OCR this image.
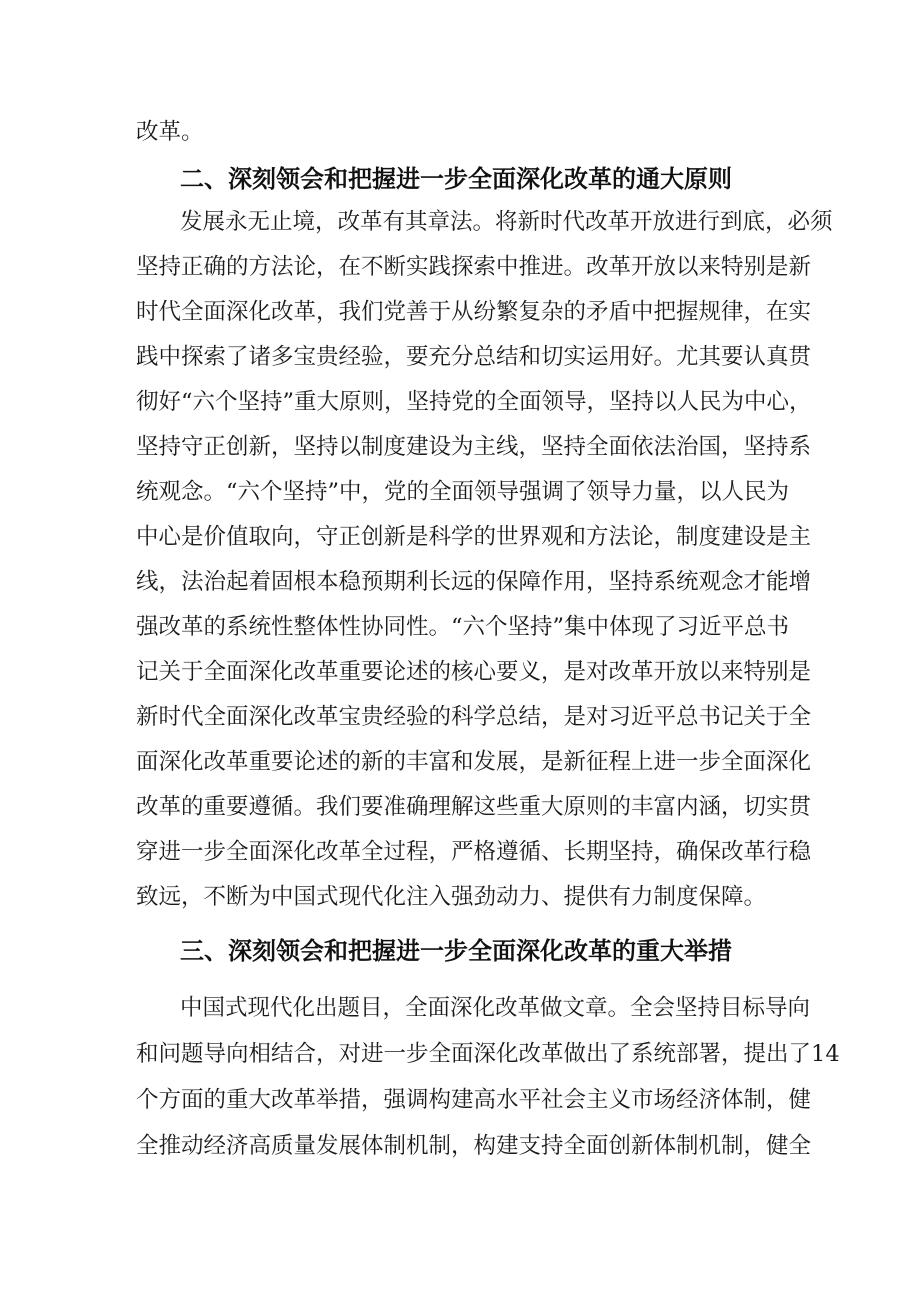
改革。
二、深刻领会和把握进一步全面深化改革的通大原则
发展永无止境，改革有其章法。将新时代改革开放进行到底，必须
坚持正确的方法论，在不断实践探索中推进。改革开放以来特别是新
时代全面深化改革，我们党善于从纷繁复杂的矛盾中把握规律，在实
践中探索了诸多宝贵经验，要充分总结和切实运用好。尤其要认真贯
彻好“六个坚持”重大原则，坚持党的全面领导，坚持以人民为中心，
坚持守正创新，坚持以制度建设为主线，坚持全面依法治国，坚持系
统观念。“六个坚持”中，党的全面领导强调了领导力量，以人民为
中心是价值取向，守正创新是科学的世界观和方法论，制度建设是主
线，法治起着固根本稳预期利长远的保障作用，坚持系统观念才能增
强改革的系统性整体性协同性。“六个坚持”集中体现了习近平总书
记关于全面深化改革重要论述的核心要义，是对改革开放以来特别是
新时代全面深化改革宝贵经验的科学总结，是对习近平总书记关于全
面深化改革重要论述的新的丰富和发展，是新征程上进一步全面深化
改革的重要遵循。我们要准确理解这些重大原则的丰富内涵，切实贯
穿进一步全面深化改革全过程，严格遵循、长期坚持，确保改革行稳
致远，不断为中国式现代化注入强劲动力、提供有力制度保障。
三、深刻领会和把握进一步全面深化改革的重大举措
中国式现代化出题目，全面深化改革做文章。全会坚持目标导向
和问题导向相结合，对进一步全面深化改革做出了系统部署，提出了14
个方面的重大改革举措，强调构建高水平社会主义市场经济体制，健
全推动经济高质量发展体制机制，构建支持全面创新体制机制，健全
